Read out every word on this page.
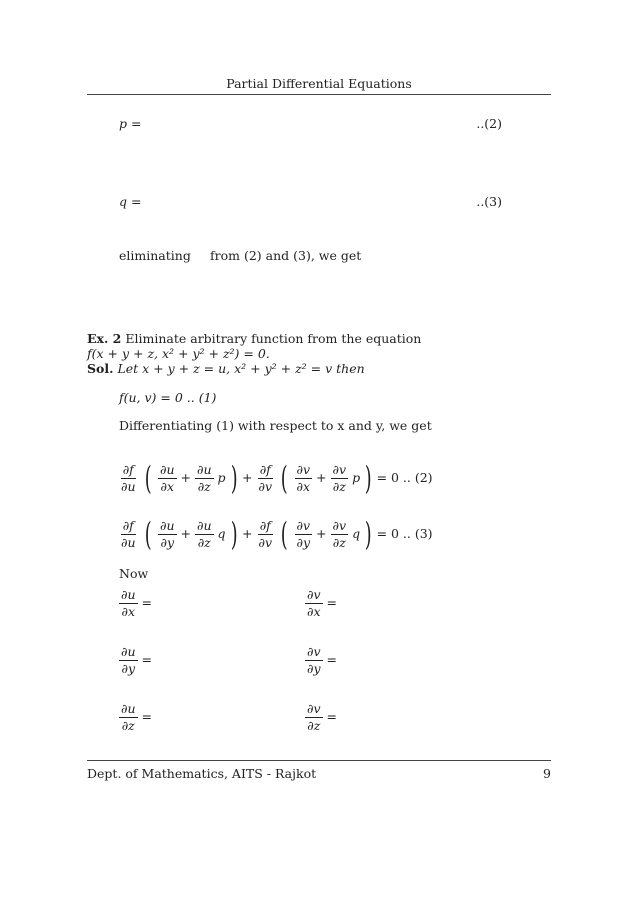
Partial Differential Equations
p =	..(2)
q =	..(3)
eliminating from (2) and (3), we get
Ex. 2 Eliminate arbitrary function from the equation
f(x + y + z, x² + y² + z²) = 0.
Sol. Let x + y + z = u, x² + y² + z² = v then
f(u, v) = 0 .. (1)
Differentiating (1) with respect to x and y, we get
$\frac{\partial f}{\partial u}$ ( $\frac{\partial u}{\partial x} + \frac{\partial u}{\partial z}$ p ) + $\frac{\partial f}{\partial v}$ ( $\frac{\partial v}{\partial x} + \frac{\partial v}{\partial z}$ p ) = 0 .. (2)
$\frac{\partial f}{\partial u}$ ( $\frac{\partial u}{\partial y} + \frac{\partial u}{\partial z}$ q ) + $\frac{\partial f}{\partial v}$ ( $\frac{\partial v}{\partial y} + \frac{\partial v}{\partial z}$ q ) = 0 .. (3)
Now
$\frac{\partial u}{\partial x}$ =	$\frac{\partial v}{\partial x}$ =
$\frac{\partial u}{\partial y}$ =	$\frac{\partial v}{\partial y}$ =
$\frac{\partial u}{\partial z}$ =	$\frac{\partial v}{\partial z}$ =
Dept. of Mathematics, AITS - Rajkot	9
